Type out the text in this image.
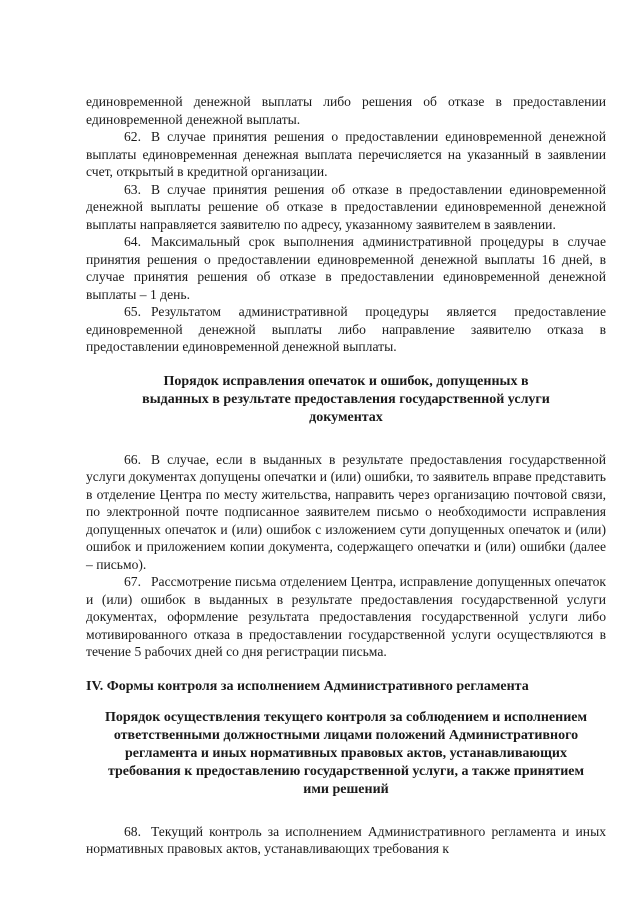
единовременной денежной выплаты либо решения об отказе в предоставлении единовременной денежной выплаты.

62. В случае принятия решения о предоставлении единовременной денежной выплаты единовременная денежная выплата перечисляется на указанный в заявлении счет, открытый в кредитной организации.

63. В случае принятия решения об отказе в предоставлении единовременной денежной выплаты решение об отказе в предоставлении единовременной денежной выплаты направляется заявителю по адресу, указанному заявителем в заявлении.

64. Максимальный срок выполнения административной процедуры в случае принятия решения о предоставлении единовременной денежной выплаты 16 дней, в случае принятия решения об отказе в предоставлении единовременной денежной выплаты – 1 день.

65. Результатом административной процедуры является предоставление единовременной денежной выплаты либо направление заявителю отказа в предоставлении единовременной денежной выплаты.

Порядок исправления опечаток и ошибок, допущенных в выданных в результате предоставления государственной услуги документах

66. В случае, если в выданных в результате предоставления государственной услуги документах допущены опечатки и (или) ошибки, то заявитель вправе представить в отделение Центра по месту жительства, направить через организацию почтовой связи, по электронной почте подписанное заявителем письмо о необходимости исправления допущенных опечаток и (или) ошибок с изложением сути допущенных опечаток и (или) ошибок и приложением копии документа, содержащего опечатки и (или) ошибки (далее – письмо).

67. Рассмотрение письма отделением Центра, исправление допущенных опечаток и (или) ошибок в выданных в результате предоставления государственной услуги документах, оформление результата предоставления государственной услуги либо мотивированного отказа в предоставлении государственной услуги осуществляются в течение 5 рабочих дней со дня регистрации письма.

IV. Формы контроля за исполнением Административного регламента

Порядок осуществления текущего контроля за соблюдением и исполнением ответственными должностными лицами положений Административного регламента и иных нормативных правовых актов, устанавливающих требования к предоставлению государственной услуги, а также принятием ими решений

68. Текущий контроль за исполнением Административного регламента и иных нормативных правовых актов, устанавливающих требования к
